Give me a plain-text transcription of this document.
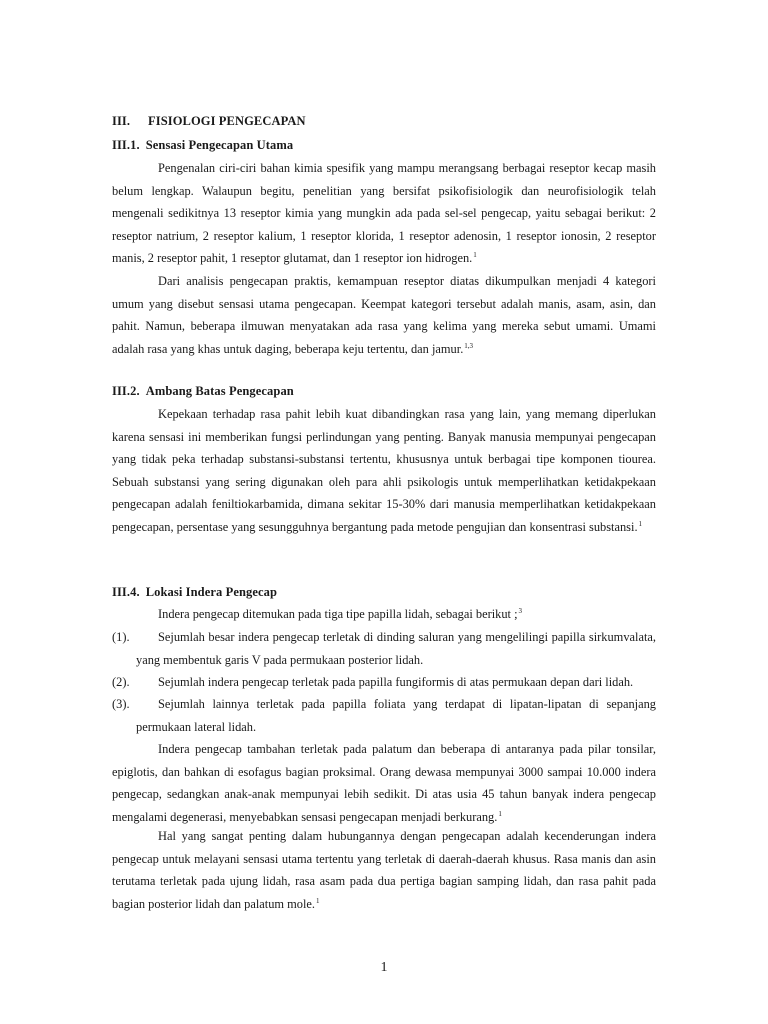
III. FISIOLOGI PENGECAPAN
III.1. Sensasi Pengecapan Utama

Pengenalan ciri-ciri bahan kimia spesifik yang mampu merangsang berbagai reseptor kecap masih belum lengkap. Walaupun begitu, penelitian yang bersifat psikofisiologik dan neurofisiologik telah mengenali sedikitnya 13 reseptor kimia yang mungkin ada pada sel-sel pengecap, yaitu sebagai berikut: 2 reseptor natrium, 2 reseptor kalium, 1 reseptor klorida, 1 reseptor adenosin, 1 reseptor ionosin, 2 reseptor manis, 2 reseptor pahit, 1 reseptor glutamat, dan 1 reseptor ion hidrogen.$^1$

Dari analisis pengecapan praktis, kemampuan reseptor diatas dikumpulkan menjadi 4 kategori umum yang disebut sensasi utama pengecapan. Keempat kategori tersebut adalah manis, asam, asin, dan pahit. Namun, beberapa ilmuwan menyatakan ada rasa yang kelima yang mereka sebut umami. Umami adalah rasa yang khas untuk daging, beberapa keju tertentu, dan jamur.$^{1,3}$

III.2. Ambang Batas Pengecapan

Kepekaan terhadap rasa pahit lebih kuat dibandingkan rasa yang lain, yang memang diperlukan karena sensasi ini memberikan fungsi perlindungan yang penting. Banyak manusia mempunyai pengecapan yang tidak peka terhadap substansi-substansi tertentu, khususnya untuk berbagai tipe komponen tiourea. Sebuah substansi yang sering digunakan oleh para ahli psikologis untuk memperlihatkan ketidakpekaan pengecapan adalah feniltiokarbamida, dimana sekitar 15-30% dari manusia memperlihatkan ketidakpekaan pengecapan, persentase yang sesungguhnya bergantung pada metode pengujian dan konsentrasi substansi.$^1$

III.4. Lokasi Indera Pengecap

Indera pengecap ditemukan pada tiga tipe papilla lidah, sebagai berikut ;$^3$

(1).	Sejumlah besar indera pengecap terletak di dinding saluran yang mengelilingi papilla sirkumvalata, yang membentuk garis V pada permukaan posterior lidah.
(2).	Sejumlah indera pengecap terletak pada papilla fungiformis di atas permukaan depan dari lidah.
(3).	Sejumlah lainnya terletak pada papilla foliata yang terdapat di lipatan-lipatan di sepanjang permukaan lateral lidah.

Indera pengecap tambahan terletak pada palatum dan beberapa di antaranya pada pilar tonsilar, epiglotis, dan bahkan di esofagus bagian proksimal. Orang dewasa mempunyai 3000 sampai 10.000 indera pengecap, sedangkan anak-anak mempunyai lebih sedikit. Di atas usia 45 tahun banyak indera pengecap mengalami degenerasi, menyebabkan sensasi pengecapan menjadi berkurang.$^1$

Hal yang sangat penting dalam hubungannya dengan pengecapan adalah kecenderungan indera pengecap untuk melayani sensasi utama tertentu yang terletak di daerah-daerah khusus. Rasa manis dan asin terutama terletak pada ujung lidah, rasa asam pada dua pertiga bagian samping lidah, dan rasa pahit pada bagian posterior lidah dan palatum mole.$^1$

1
